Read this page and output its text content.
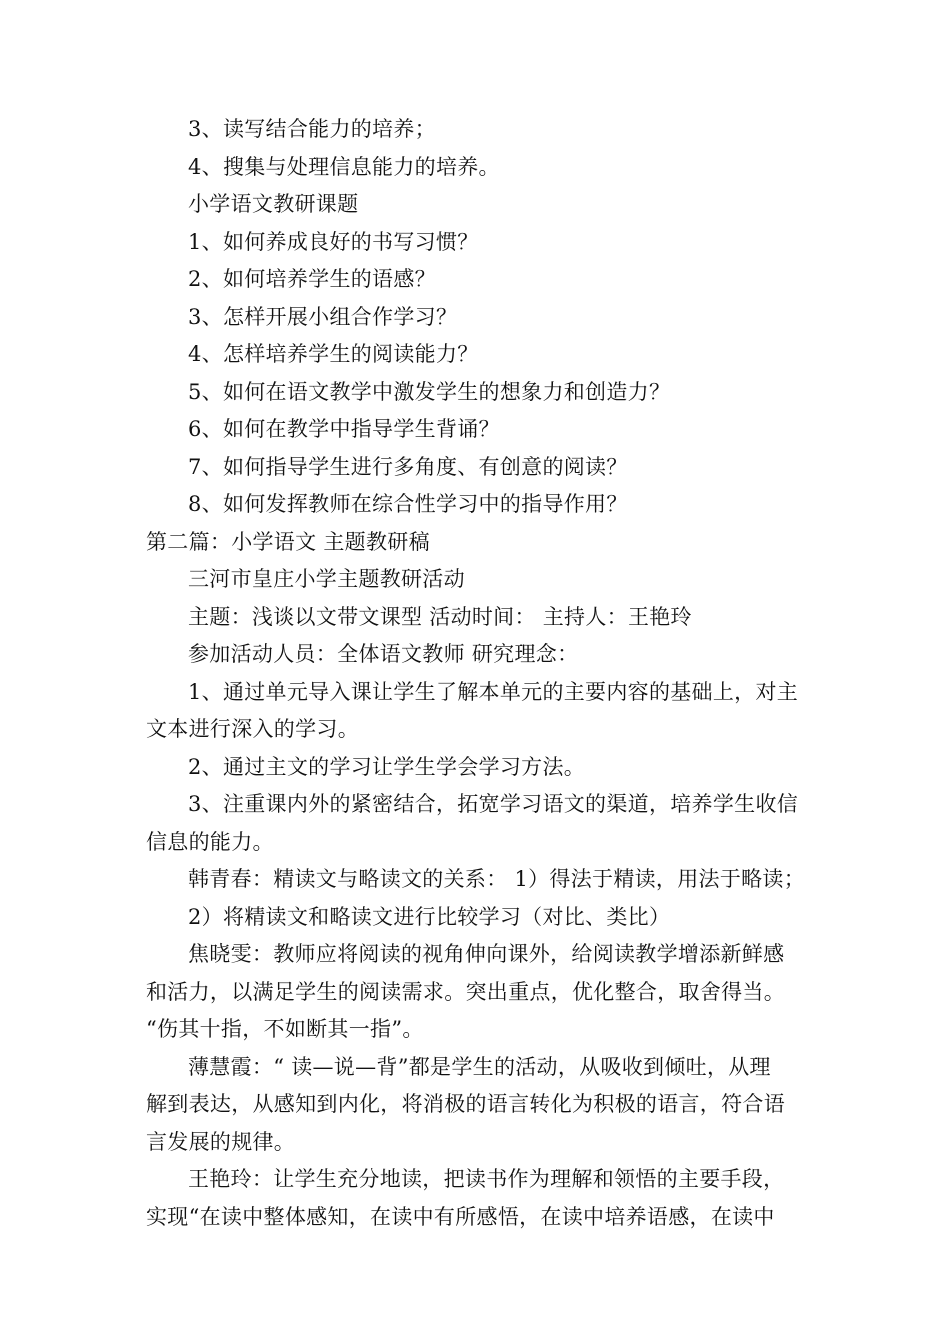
3、读写结合能力的培养；
4、搜集与处理信息能力的培养。
小学语文教研课题
1、如何养成良好的书写习惯？
2、如何培养学生的语感？
3、怎样开展小组合作学习？
4、怎样培养学生的阅读能力？
5、如何在语文教学中激发学生的想象力和创造力？
6、如何在教学中指导学生背诵？
7、如何指导学生进行多角度、有创意的阅读？
8、如何发挥教师在综合性学习中的指导作用？
第二篇：小学语文 主题教研稿
三河市皇庄小学主题教研活动
主题：浅谈以文带文课型 活动时间： 主持人：王艳玲
参加活动人员：全体语文教师 研究理念：
1、通过单元导入课让学生了解本单元的主要内容的基础上，对主
文本进行深入的学习。
2、通过主文的学习让学生学会学习方法。
3、注重课内外的紧密结合，拓宽学习语文的渠道，培养学生收信
信息的能力。
韩青春：精读文与略读文的关系： 1）得法于精读，用法于略读；
2）将精读文和略读文进行比较学习（对比、类比）
焦晓雯：教师应将阅读的视角伸向课外，给阅读教学增添新鲜感
和活力，以满足学生的阅读需求。突出重点，优化整合，取舍得当。
“伤其十指，不如断其一指”。
薄慧霞：“ 读—说—背”都是学生的活动，从吸收到倾吐，从理
解到表达，从感知到内化，将消极的语言转化为积极的语言，符合语
言发展的规律。
王艳玲：让学生充分地读，把读书作为理解和领悟的主要手段，
实现“在读中整体感知，在读中有所感悟，在读中培养语感，在读中
